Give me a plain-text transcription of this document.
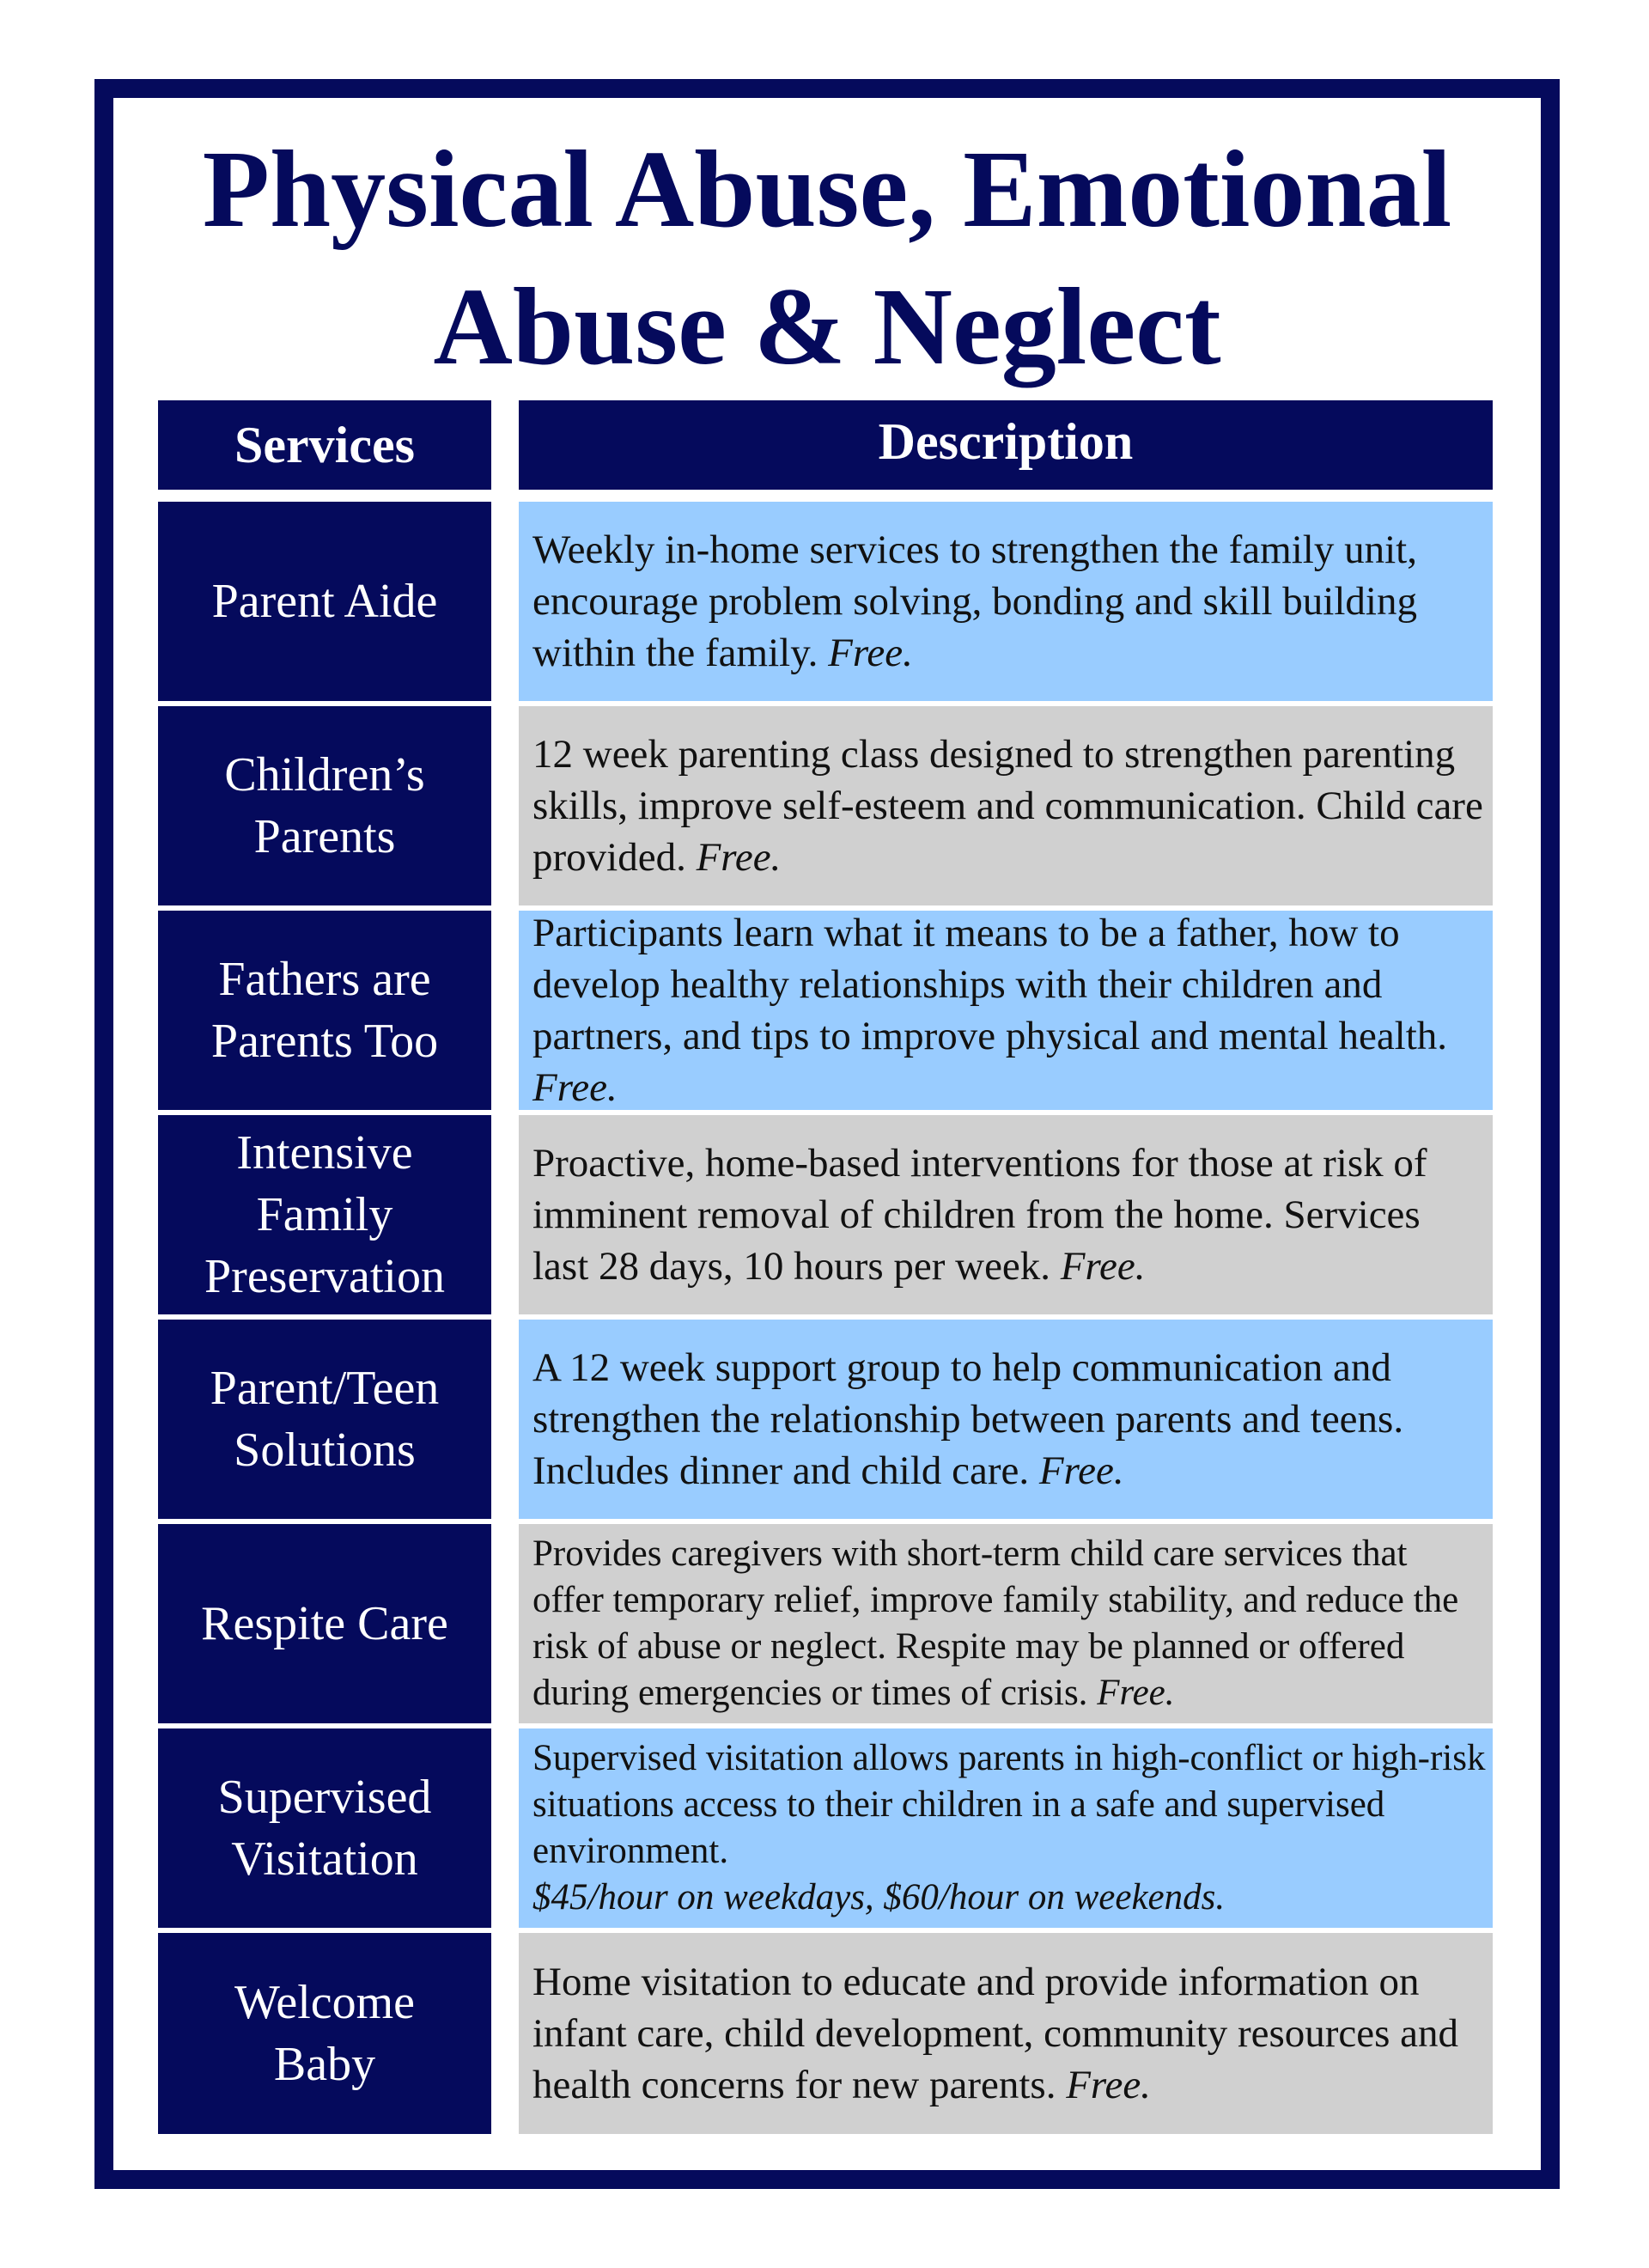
Physical Abuse, Emotional
Abuse & Neglect
Services	Description
Parent Aide

Weekly in-home services to strengthen the family unit, encourage problem solving, bonding and skill building within the family. Free.

Children’s
Parents

12 week parenting class designed to strengthen parenting skills, improve self-esteem and communication. Child care provided. Free.

Fathers are
Parents Too

Participants learn what it means to be a father, how to develop healthy relationships with their children and partners, and tips to improve physical and mental health. Free.

Intensive
Family
Preservation

Proactive, home-based interventions for those at risk of imminent removal of children from the home. Services last 28 days, 10 hours per week. Free.

Parent/Teen
Solutions

A 12 week support group to help communication and strengthen the relationship between parents and teens. Includes dinner and child care. Free.

Respite Care

Provides caregivers with short-term child care services that offer temporary relief, improve family stability, and reduce the risk of abuse or neglect. Respite may be planned or offered during emergencies or times of crisis. Free.

Supervised
Visitation

Supervised visitation allows parents in high-conflict or high-risk situations access to their children in a safe and supervised environment.
$45/hour on weekdays, $60/hour on weekends.

Welcome
Baby

Home visitation to educate and provide information on infant care, child development, community resources and health concerns for new parents. Free.
